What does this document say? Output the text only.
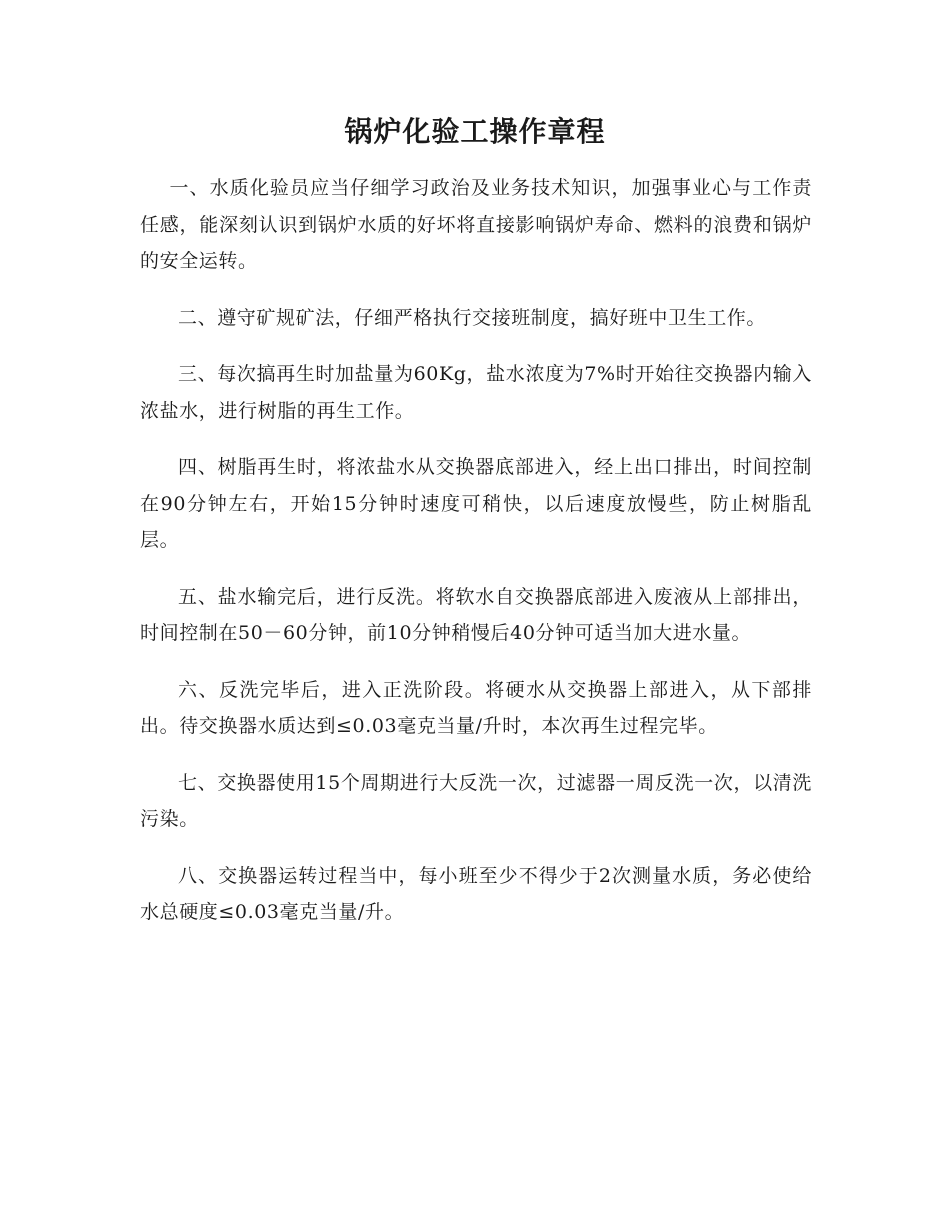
锅炉化验工操作章程

一、水质化验员应当仔细学习政治及业务技术知识，加强事业心与工作责任感，能深刻认识到锅炉水质的好坏将直接影响锅炉寿命、燃料的浪费和锅炉的安全运转。

二、遵守矿规矿法，仔细严格执行交接班制度，搞好班中卫生工作。

三、每次搞再生时加盐量为60Kg，盐水浓度为7%时开始往交换器内输入浓盐水，进行树脂的再生工作。

四、树脂再生时，将浓盐水从交换器底部进入，经上出口排出，时间控制在90分钟左右，开始15分钟时速度可稍快，以后速度放慢些，防止树脂乱层。

五、盐水输完后，进行反洗。将软水自交换器底部进入废液从上部排出，时间控制在50－60分钟，前10分钟稍慢后40分钟可适当加大进水量。

六、反洗完毕后，进入正洗阶段。将硬水从交换器上部进入，从下部排出。待交换器水质达到≤0.03毫克当量/升时，本次再生过程完毕。

七、交换器使用15个周期进行大反洗一次，过滤器一周反洗一次，以清洗污染。

八、交换器运转过程当中，每小班至少不得少于2次测量水质，务必使给水总硬度≤0.03毫克当量/升。
